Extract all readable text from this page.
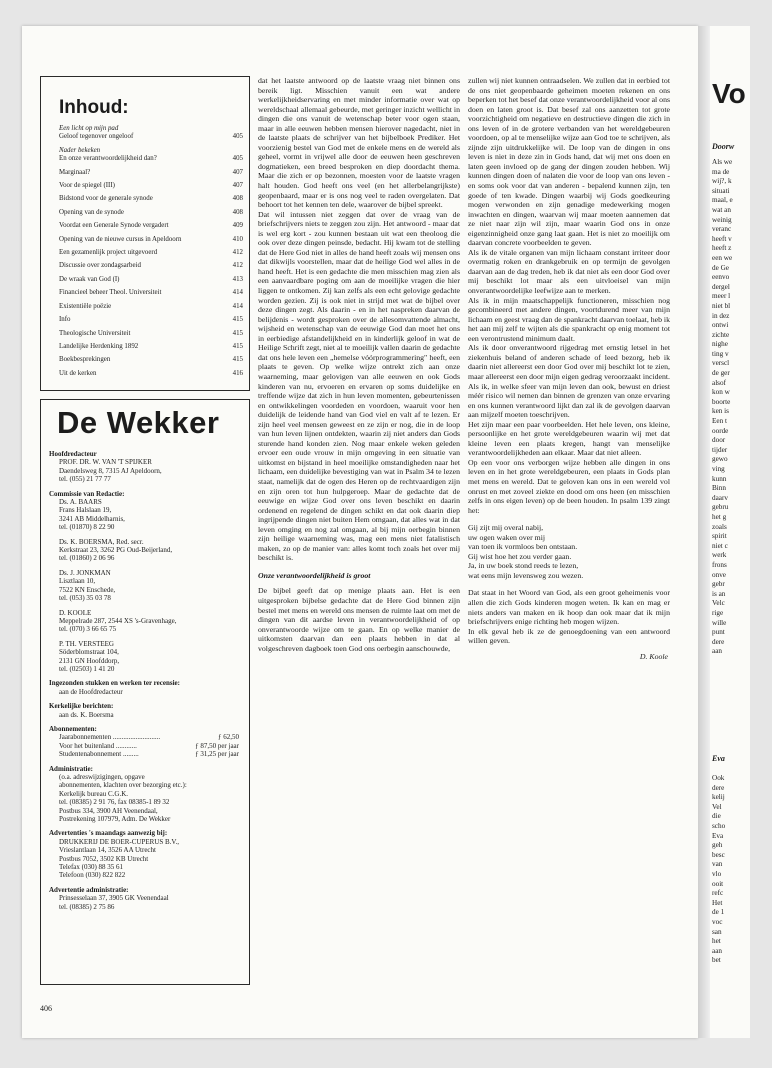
Vo
Doorw
Als we
ma de
wij?, k
situati
maal, e
wat an
weinig
veranc
heeft v
heeft z
een we
de Ge
eenvo
dergel
meer l
niet bl
in dez
ontwi
zichte
nighe
ting v
verscl
de ger
alsof
kon w
boorte
ken is
Een t
oorde
door
tijder
gewo
ving
kunn
Binn
daarv
gebru
het g
zoals
spirit
niet c
werk
frons
onve
gebr
is an
Velc
rige
wille
punt
dere
aan
Eva
Ook
dere
kelij
Vel
die
scho
Eva
geh
besc
van
vlo
ooit
refc
Het
de 1
voc
san
het
aan
bet
Inhoud:
Een licht op mijn pad
Geloof tegenover ongeloof	405
Nader bekeken
En onze verantwoordelijkheid dan?	405
Marginaal?	407
Voor de spiegel (III)	407
Bidstond voor de generale synode	408
Opening van de synode	408
Voordat een Generale Synode vergadert	409
Opening van de nieuwe cursus in Apeldoorn	410
Een gezamenlijk project uitgevoerd	412
Discussie over zondagsarbeid	412
De wraak van God (I)	413
Financieel beheer Theol. Universiteit	414
Existentiële poëzie	414
Info	415
Theologische Universiteit	415
Landelijke Herdenking 1892	415
Boekbesprekingen	415
Uit de kerken	416
De Wekker
Hoofdredacteur
PROF. DR. W. VAN 'T SPIJKER
Daendelsweg 8, 7315 AJ Apeldoorn,
tel. (055) 21 77 77
Commissie van Redactie:
Ds. A. BAARS
Frans Halslaan 19,
3241 AB Middelharnis,
tel. (01870) 8 22 90
Ds. K. BOERSMA, Red. secr.
Kerkstraat 23, 3262 PG Oud-Beijerland,
tel. (01860) 2 06 96
Ds. J. JONKMAN
Lisztlaan 10,
7522 KN Enschede,
tel. (053) 35 03 78
D. KOOLE
Meppelrade 287, 2544 XS 's-Gravenhage,
tel. (070) 3 66 65 75
P. TH. VERSTEEG
Söderblomstraat 104,
2131 GN Hoofddorp,
tel. (02503) 1 41 20
Ingezonden stukken en werken ter recensie:
aan de Hoofdredacteur
Kerkelijke berichten:
aan ds. K. Boersma
Abonnementen:
Jaarabonnementen ...........................	ƒ 62,50
Voor het buitenland ............	ƒ 87,50 per jaar
Studentenabonnement .........	ƒ 31,25 per jaar
Administratie:
(o.a. adreswijzigingen, opgave
abonnementen, klachten over bezorging etc.):
Kerkelijk bureau C.G.K.
tel. (08385) 2 91 76, fax 08385-1 89 32
Postbus 334, 3900 AH Veenendaal,
Postrekening 107979, Adm. De Wekker
Advertenties 's maandags aanwezig bij:
DRUKKERIJ DE BOER-CUPERUS B.V.,
Vrieslantlaan 14, 3526 AA Utrecht
Postbus 7052, 3502 KB Utrecht
Telefax (030) 88 35 61
Telefoon (030) 822 822
Advertentie administratie:
Prinsesselaan 37, 3905 GK Veenendaal
tel. (08385) 2 75 86
406

dat het laatste antwoord op de laatste vraag niet binnen ons bereik ligt. Misschien vanuit een wat andere werkelijkheidservaring en met minder informatie over wat op wereldschaal allemaal gebeurde, met geringer inzicht wellicht in dingen die ons vanuit de wetenschap beter voor ogen staan, maar in alle eeuwen hebben mensen hierover nagedacht, niet in de laatste plaats de schrijver van het bijbelboek Prediker. Het voorzienig bestel van God met de enkele mens en de wereld als geheel, vormt in vrijwel alle door de eeuwen heen geschreven dogmatieken, een breed besproken en diep doordacht thema. Maar die zich er op bezonnen, moesten voor de laatste vragen halt houden. God heeft ons veel (en het allerbelangrijkste) geopenbaard, maar er is ons nog veel te raden overgelaten. Dat behoort tot het kennen ten dele, waarover de bijbel spreekt.

Dat wil intussen niet zeggen dat over de vraag van de briefschrijvers niets te zeggen zou zijn. Het antwoord - maar dat is wel erg kort - zou kunnen bestaan uit wat een theoloog die ook over deze dingen peinsde, bedacht. Hij kwam tot de stelling dat de Here God niet in alles de hand heeft zoals wij mensen ons dat dikwijls voorstellen, maar dat de heilige God wel alles in de hand heeft. Het is een gedachte die men misschien mag zien als een aanvaardbare poging om aan de moeilijke vragen die hier liggen te ontkomen. Zij kan zelfs als een echt gelovige gedachte worden gezien. Zij is ook niet in strijd met wat de bijbel over deze dingen zegt. Als daarin - en in het naspreken daarvan de belijdenis - wordt gesproken over de allesomvattende almacht, wijsheid en wetenschap van de eeuwige God dan moet het ons in eerbiedige afstandelijkheid en in kinderlijk geloof in wat de Heilige Schrift zegt, niet al te moeilijk vallen daarin de gedachte dat ons hele leven een „hemelse vóórprogrammering" heeft, een plaats te geven. Op welke wijze ontrekt zich aan onze waarneming, maar gelovigen van alle eeuwen en ook Gods kinderen van nu, ervoeren en ervaren op soms duidelijke en treffende wijze dat zich in hun leven momenten, gebeurtenissen en ontwikkelingen voordeden en voordoen, waaruit voor hen duidelijk de leidende hand van God viel en valt af te lezen. Er zijn heel veel mensen geweest en ze zijn er nog, die in de loop van hun leven lijnen ontdekten, waarin zij niet anders dan Gods sturende hand konden zien. Nog maar enkele weken geleden ervoer een oude vrouw in mijn omgeving in een situatie van uitkomst en bijstand in heel moeilijke omstandigheden naar het lichaam, een duidelijke bevestiging van wat in Psalm 34 te lezen staat, namelijk dat de ogen des Heren op de rechtvaardigen zijn en zijn oren tot hun hulpgeroep. Maar de gedachte dat de eeuwige en wijze God over ons leven beschikt en daarin ordenend en regelend de dingen schikt en dat ook daarin diep ingrijpende dingen niet buiten Hem omgaan, dat alles wat in dat leven omging en nog zal omgaan, al bij mijn oerbegin binnen zijn heilige waarneming was, mag een mens niet fatalistisch maken, zo op de manier van: alles komt toch zoals het over mij beschikt is.

Onze verantwoordelijkheid is groot

De bijbel geeft dat op menige plaats aan. Het is een uitgesproken bijbelse gedachte dat de Here God binnen zijn bestel met mens en wereld ons mensen de ruimte laat om met de dingen van dit aardse leven in verantwoordelijkheid of op onverantwoorde wijze om te gaan. En op welke manier de uitkomsten daarvan dan een plaats hebben in dat al volgeschreven dagboek toen God ons oerbegin aanschouwde,

zullen wij niet kunnen ontraadselen. We zullen dat in eerbied tot de ons niet geopenbaarde geheimen moeten rekenen en ons beperken tot het besef dat onze verantwoordelijkheid voor al ons doen en laten groot is. Dat besef zal ons aanzetten tot grote voorzichtigheid om negatieve en destructieve dingen die zich in ons leven of in de grotere verbanden van het wereldgebeuren voordoen, op al te menselijke wijze aan God toe te schrijven, als zijnde zijn uitdrukkelijke wil. De loop van de dingen in ons leven is niet in deze zin in Gods hand, dat wij met ons doen en laten geen invloed op de gang der dingen zouden hebben. Wij kunnen dingen doen of nalaten die voor de loop van ons leven - en soms ook voor dat van anderen - bepalend kunnen zijn, ten goede of ten kwade. Dingen waarbij wij Gods goedkeuring mogen verwonden en zijn genadige medewerking mogen inwachten en dingen, waarvan wij maar moeten aannemen dat ze niet naar zijn wil zijn, maar waarin God ons in onze eigenzinnigheid onze gang laat gaan. Het is niet zo moeilijk om daarvan concrete voorbeelden te geven.

Als ik de vitale organen van mijn lichaam constant irriteer door overmatig roken en drankgebruik en op termijn de gevolgen daarvan aan de dag treden, heb ik dat niet als een door God over mij beschikt lot maar als een uitvloeisel van mijn onverantwoordelijke leefwijze aan te merken.

Als ik in mijn maatschappelijk functioneren, misschien nog gecombineerd met andere dingen, voortdurend meer van mijn lichaam en geest vraag dan de spankracht daarvan toelaat, heb ik het aan mij zelf te wijten als die spankracht op enig moment tot een verontrustend minimum daalt.

Als ik door onverantwoord rijgedrag met ernstig letsel in het ziekenhuis beland of anderen schade of leed bezorg, heb ik daarin niet allereerst een door God over mij beschikt lot te zien, maar allereerst een door mijn eigen gedrag veroorzaakt incident. Als ik, in welke sfeer van mijn leven dan ook, bewust en driest méér risico wil nemen dan binnen de grenzen van onze ervaring en ons kunnen verantwoord lijkt dan zal ik de gevolgen daarvan aan mijzelf moeten toeschrijven.

Het zijn maar een paar voorbeelden. Het hele leven, ons kleine, persoonlijke en het grote wereldgebeuren waarin wij met dat kleine leven een plaats kregen, hangt van menselijke verantwoordelijkheden aan elkaar. Maar dat niet alleen.

Op een voor ons verborgen wijze hebben alle dingen in ons leven en in het grote wereldgebeuren, een plaats in Gods plan met mens en wereld. Dat te geloven kan ons in een wereld vol onrust en met zoveel ziekte en dood om ons heen (en misschien zelfs in ons eigen leven) op de been houden. In psalm 139 zingt het:

Gij zijt mij overal nabij,
uw ogen waken over mij
van toen ik vormloos ben ontstaan.
Gij wist hoe het zou verder gaan.
Ja, in uw boek stond reeds te lezen,
wat eens mijn levensweg zou wezen.

Dat staat in het Woord van God, als een groot geheimenis voor allen die zich Gods kinderen mogen weten. Ik kan en mag er niets anders van maken en ik hoop dan ook maar dat ik mijn briefschrijvers enige richting heb mogen wijzen.

In elk geval heb ik ze de genoegdoening van een antwoord willen geven.

D. Koole
